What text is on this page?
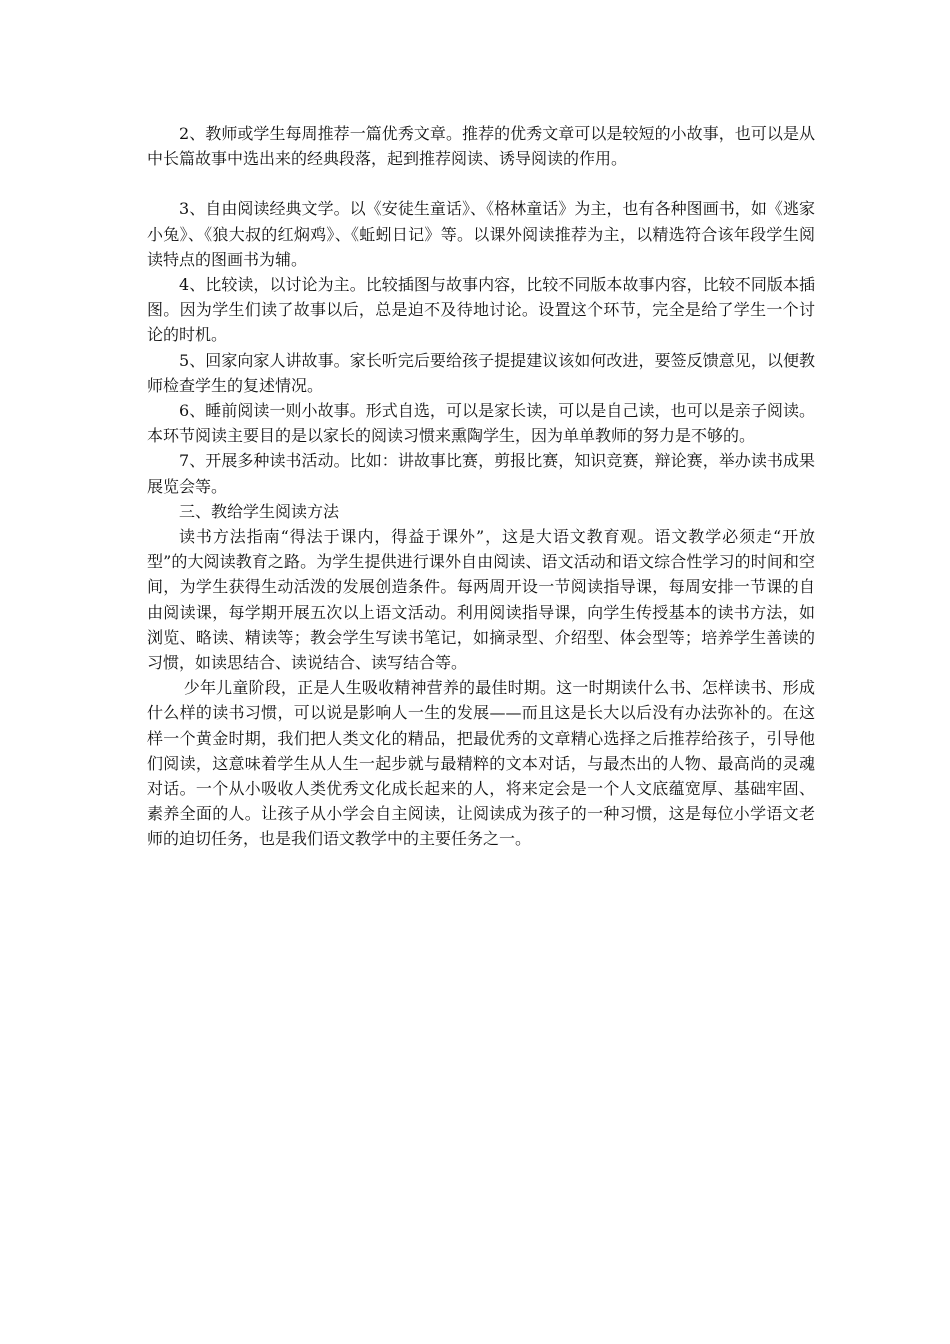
2、教师或学生每周推荐一篇优秀文章。推荐的优秀文章可以是较短的小故事，也可以是从中长篇故事中选出来的经典段落，起到推荐阅读、诱导阅读的作用。

3、自由阅读经典文学。以《安徒生童话》、《格林童话》为主，也有各种图画书，如《逃家小兔》、《狼大叔的红焖鸡》、《蚯蚓日记》等。以课外阅读推荐为主，以精选符合该年段学生阅读特点的图画书为辅。

4、比较读，以讨论为主。比较插图与故事内容，比较不同版本故事内容，比较不同版本插图。因为学生们读了故事以后，总是迫不及待地讨论。设置这个环节，完全是给了学生一个讨论的时机。

5、回家向家人讲故事。家长听完后要给孩子提提建议该如何改进，要签反馈意见，以便教师检查学生的复述情况。

6、睡前阅读一则小故事。形式自选，可以是家长读，可以是自己读，也可以是亲子阅读。本环节阅读主要目的是以家长的阅读习惯来熏陶学生，因为单单教师的努力是不够的。

7、开展多种读书活动。比如：讲故事比赛，剪报比赛，知识竞赛，辩论赛，举办读书成果展览会等。

三、教给学生阅读方法

读书方法指南“得法于课内，得益于课外”，这是大语文教育观。语文教学必须走“开放型”的大阅读教育之路。为学生提供进行课外自由阅读、语文活动和语文综合性学习的时间和空间，为学生获得生动活泼的发展创造条件。每两周开设一节阅读指导课，每周安排一节课的自由阅读课，每学期开展五次以上语文活动。利用阅读指导课，向学生传授基本的读书方法，如浏览、略读、精读等；教会学生写读书笔记，如摘录型、介绍型、体会型等；培养学生善读的习惯，如读思结合、读说结合、读写结合等。

少年儿童阶段，正是人生吸收精神营养的最佳时期。这一时期读什么书、怎样读书、形成什么样的读书习惯，可以说是影响人一生的发展——而且这是长大以后没有办法弥补的。在这样一个黄金时期，我们把人类文化的精品，把最优秀的文章精心选择之后推荐给孩子，引导他们阅读，这意味着学生从人生一起步就与最精粹的文本对话，与最杰出的人物、最高尚的灵魂对话。一个从小吸收人类优秀文化成长起来的人，将来定会是一个人文底蕴宽厚、基础牢固、素养全面的人。让孩子从小学会自主阅读，让阅读成为孩子的一种习惯，这是每位小学语文老师的迫切任务，也是我们语文教学中的主要任务之一。
